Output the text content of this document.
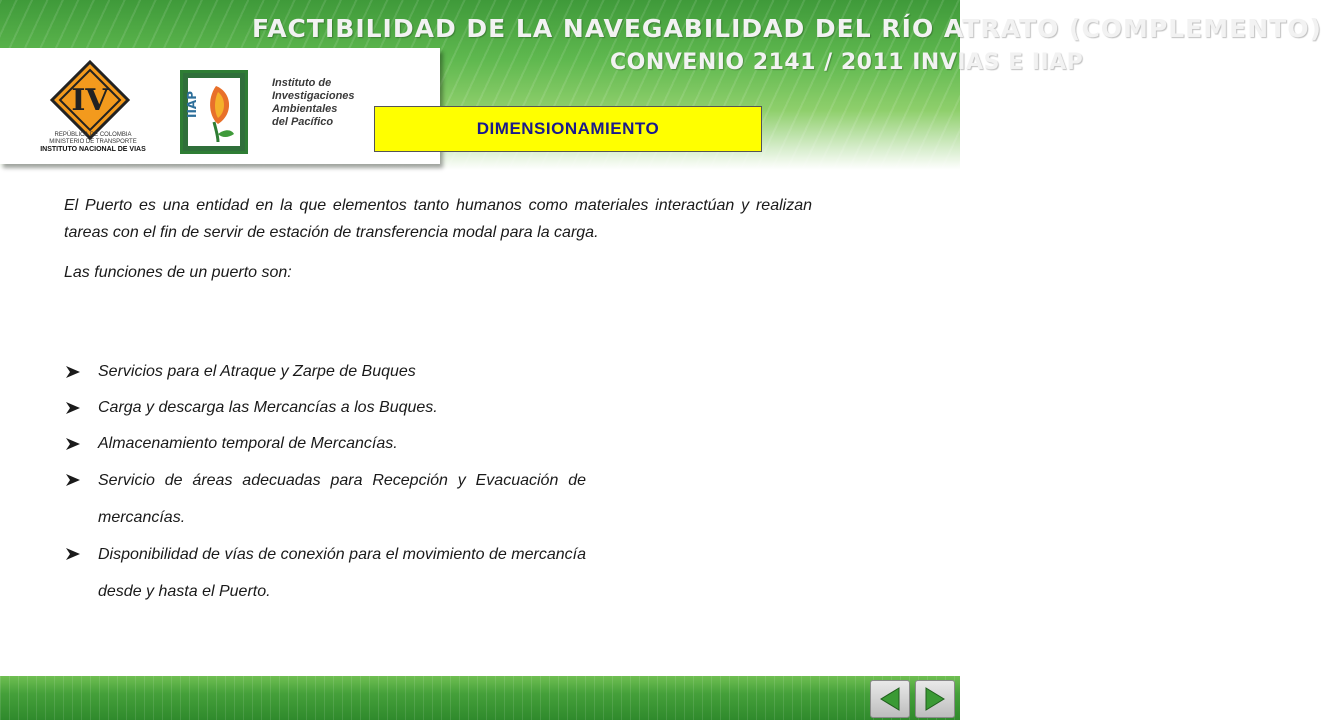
FACTIBILIDAD DE LA NAVEGABILIDAD DEL RÍO ATRATO (COMPLEMENTO)
CONVENIO 2141 / 2011 INVIAS E IIAP
IV
REPÚBLICA DE COLOMBIA
MINISTERIO DE TRANSPORTE
INSTITUTO NACIONAL DE VIAS
IIAP
Instituto de
Investigaciones
Ambientales
del Pacífico	DIMENSIONAMIENTO

El Puerto es una entidad en la que elementos tanto humanos como materiales interactúan y realizan tareas con el fin de servir de estación de transferencia modal para la carga.

Las funciones de un puerto son:

Servicios para el Atraque y Zarpe de Buques
Carga y descarga las Mercancías a los Buques.
Almacenamiento temporal de Mercancías.
Servicio de áreas adecuadas para Recepción y Evacuación de mercancías.
Disponibilidad de vías de conexión para el movimiento de mercancía desde y hasta el Puerto.
